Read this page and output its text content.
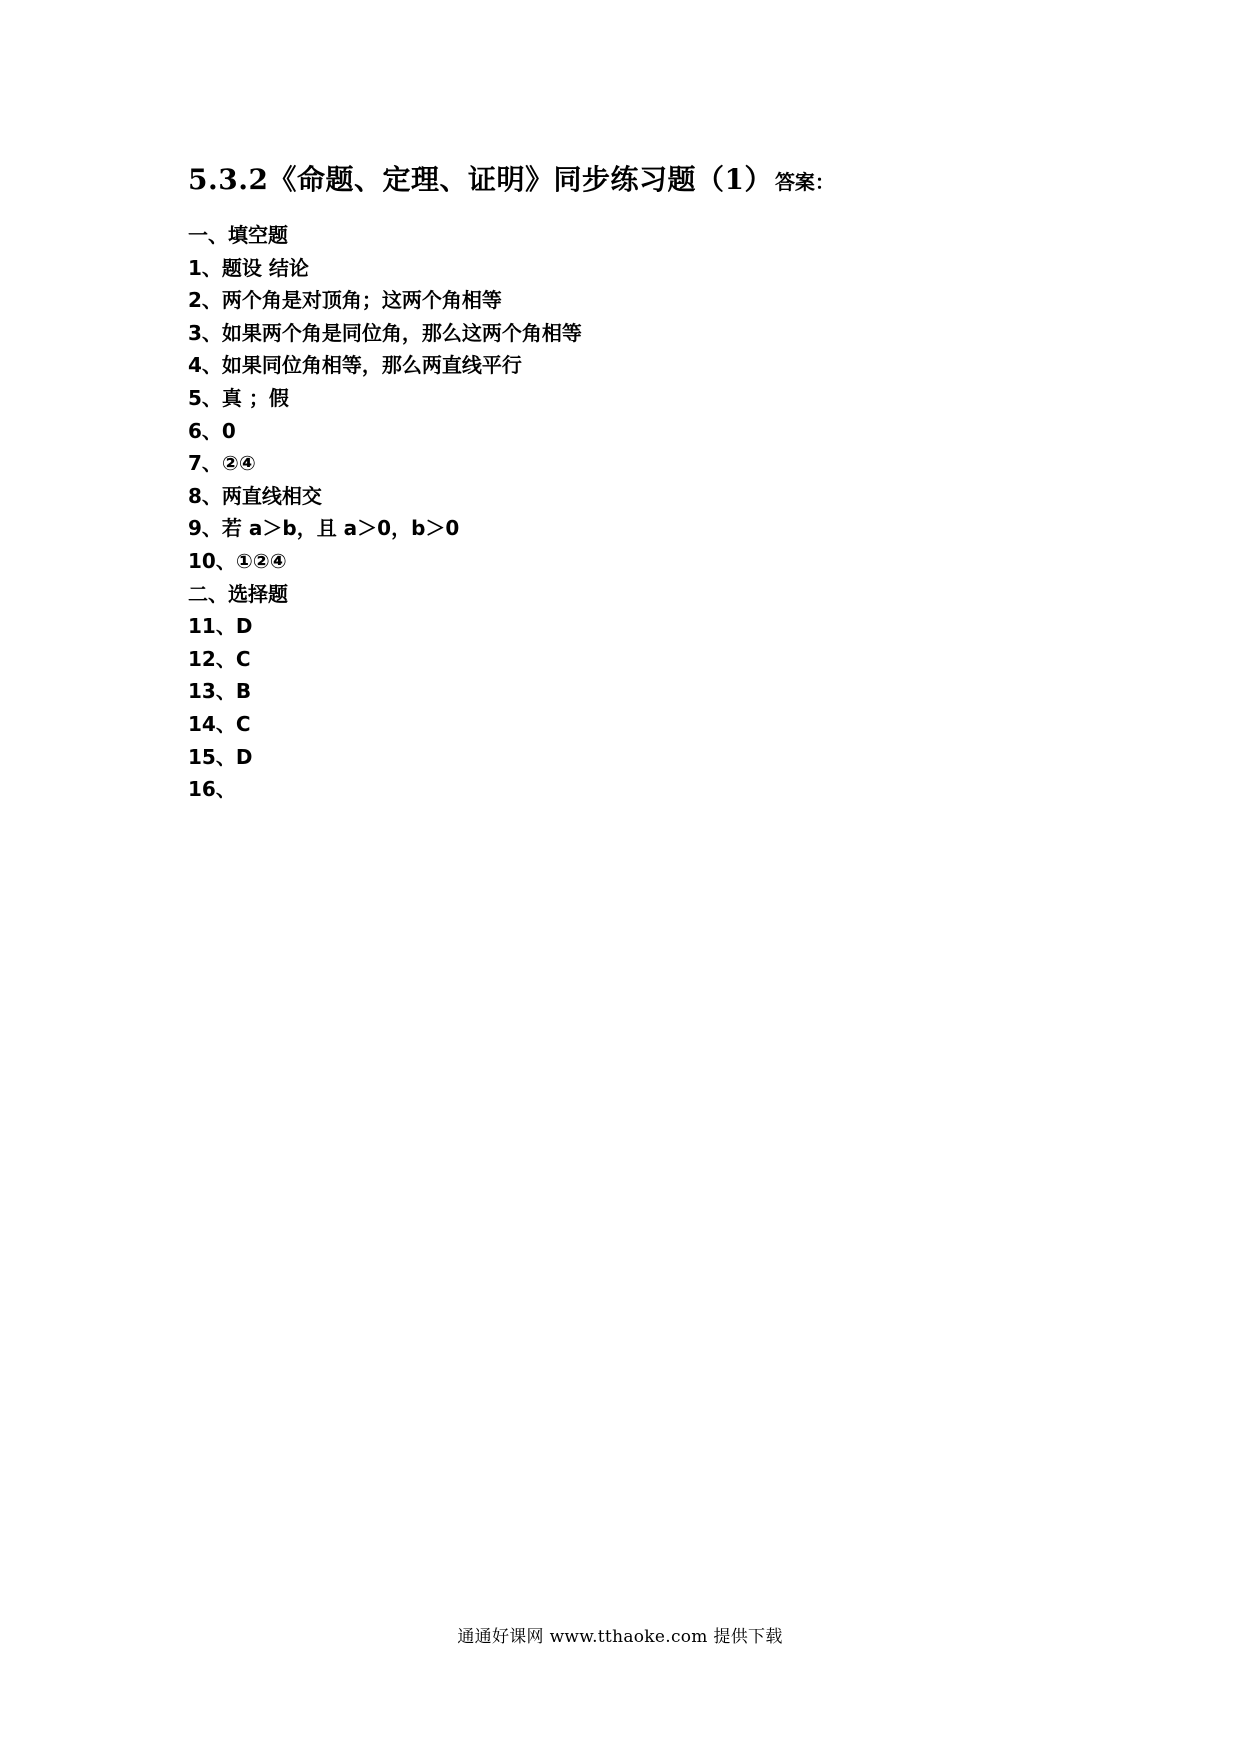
5.3.2《命题、定理、证明》同步练习题（1） 答案：
一、填空题
1、题设 结论
2、两个角是对顶角；这两个角相等
3、如果两个角是同位角，那么这两个角相等
4、如果同位角相等，那么两直线平行
5、真 ；假
6、0
7、②④
8、两直线相交
9、若 a＞b，且 a＞0，b＞0
10、①②④
二、选择题
11、D
12、C
13、B
14、C
15、D
16、
通通好课网 www.tthaoke.com 提供下载
